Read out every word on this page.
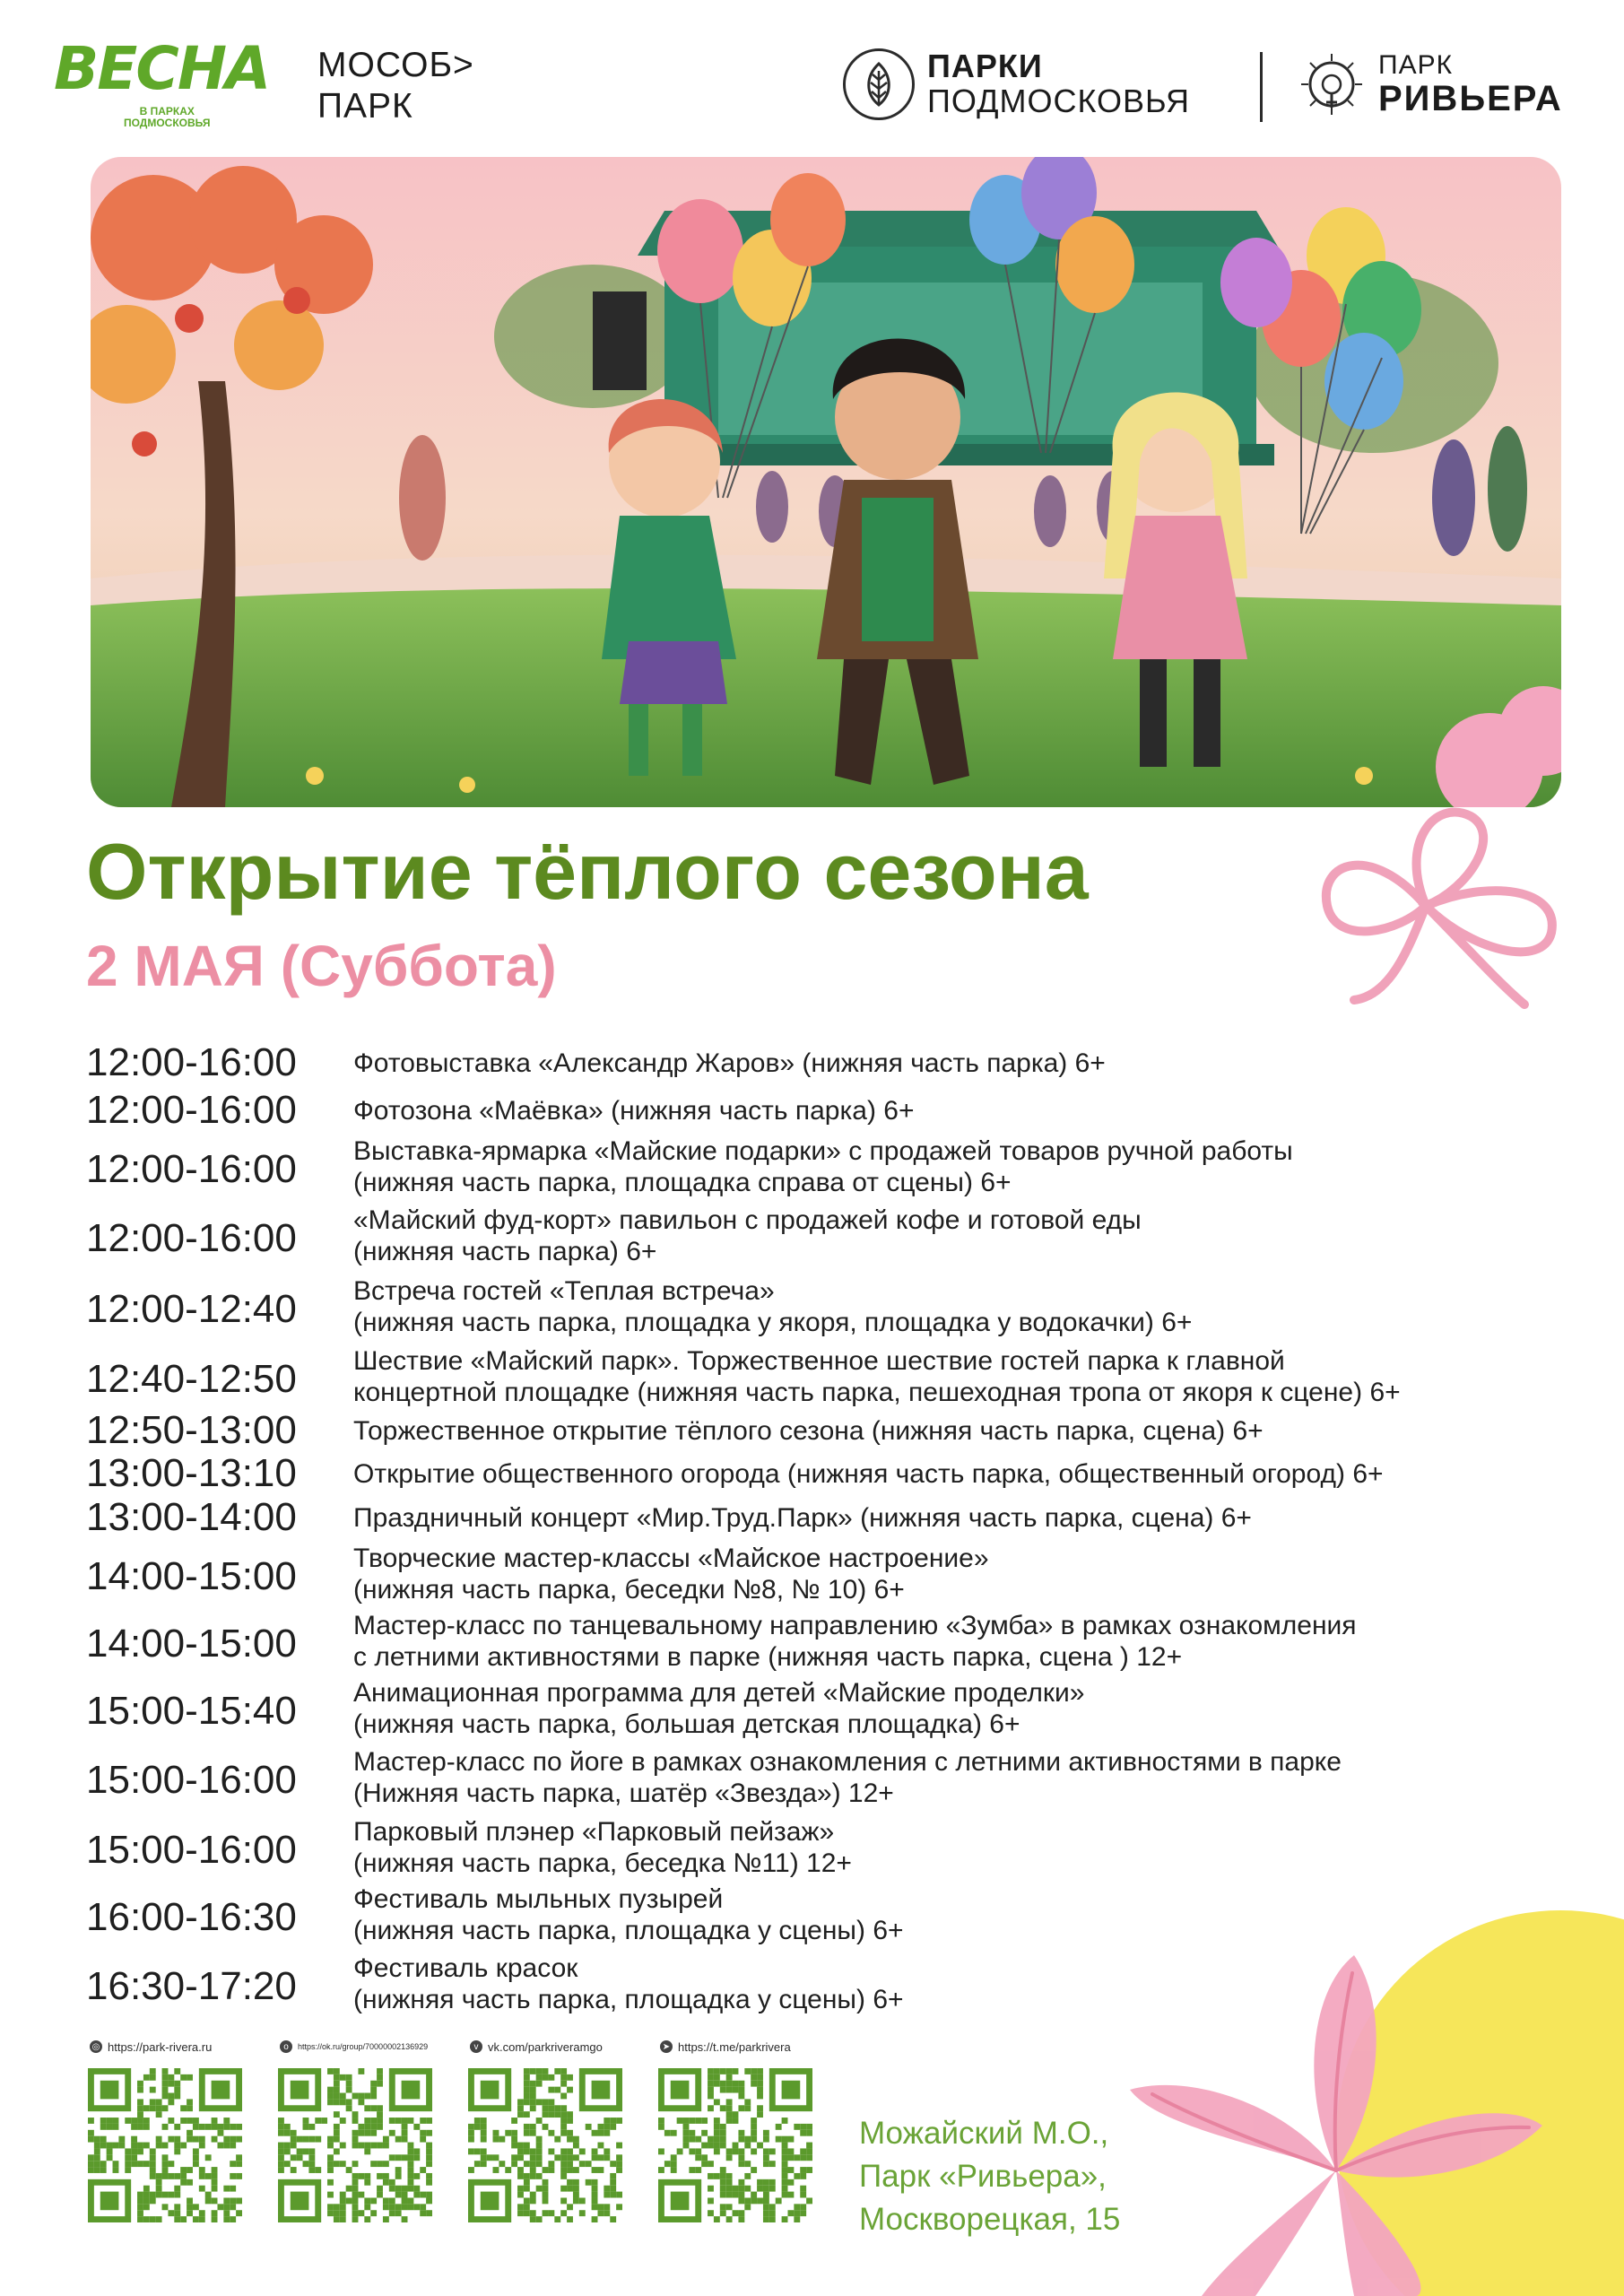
ВЕСНА
В ПАРКАХ
ПОДМОСКОВЬЯ
МОСОБ>
ПАРК
ПАРКИ
ПОДМОСКОВЬЯ
ПАРК
РИВЬЕРА
Открытие тёплого сезона
2 МАЯ (Суббота)
12:00-16:00 Фотовыставка «Александр Жаров» (нижняя часть парка) 6+
12:00-16:00 Фотозона «Маёвка» (нижняя часть парка) 6+
12:00-16:00 Выставка-ярмарка «Майские подарки» с продажей товаров ручной работы
(нижняя часть парка, площадка справа от сцены) 6+
12:00-16:00 «Майский фуд-корт» павильон с продажей кофе и готовой еды
(нижняя часть парка) 6+
12:00-12:40 Встреча гостей «Теплая встреча»
(нижняя часть парка, площадка у якоря, площадка у водокачки) 6+
12:40-12:50 Шествие «Майский парк». Торжественное шествие гостей парка к главной
концертной площадке (нижняя часть парка, пешеходная тропа от якоря к сцене) 6+
12:50-13:00 Торжественное открытие тёплого сезона (нижняя часть парка, сцена) 6+
13:00-13:10 Открытие общественного огорода (нижняя часть парка, общественный огород) 6+
13:00-14:00 Праздничный концерт «Мир.Труд.Парк» (нижняя часть парка, сцена) 6+
14:00-15:00 Творческие мастер-классы «Майское настроение»
(нижняя часть парка, беседки №8, № 10) 6+
14:00-15:00 Мастер-класс по танцевальному направлению «Зумба» в рамках ознакомления
с летними активностями в парке (нижняя часть парка, сцена ) 12+
15:00-15:40 Анимационная программа для детей «Майские проделки»
(нижняя часть парка, большая детская площадка) 6+
15:00-16:00 Мастер-класс по йоге в рамках ознакомления с летними активностями в парке
(Нижняя часть парка, шатёр «Звезда») 12+
15:00-16:00 Парковый плэнер «Парковый пейзаж»
(нижняя часть парка, беседка №11) 12+
16:00-16:30 Фестиваль мыльных пузырей
(нижняя часть парка, площадка у сцены) 6+
16:30-17:20 Фестиваль красок
(нижняя часть парка, площадка у сцены) 6+
◎ https://park-rivera.ru	o	https://ok.ru/group/70000002136929	v vk.com/parkriveramgo	➤ https://t.me/parkrivera
Можайский М.О.,
Парк «Ривьера»,
Москворецкая, 15
